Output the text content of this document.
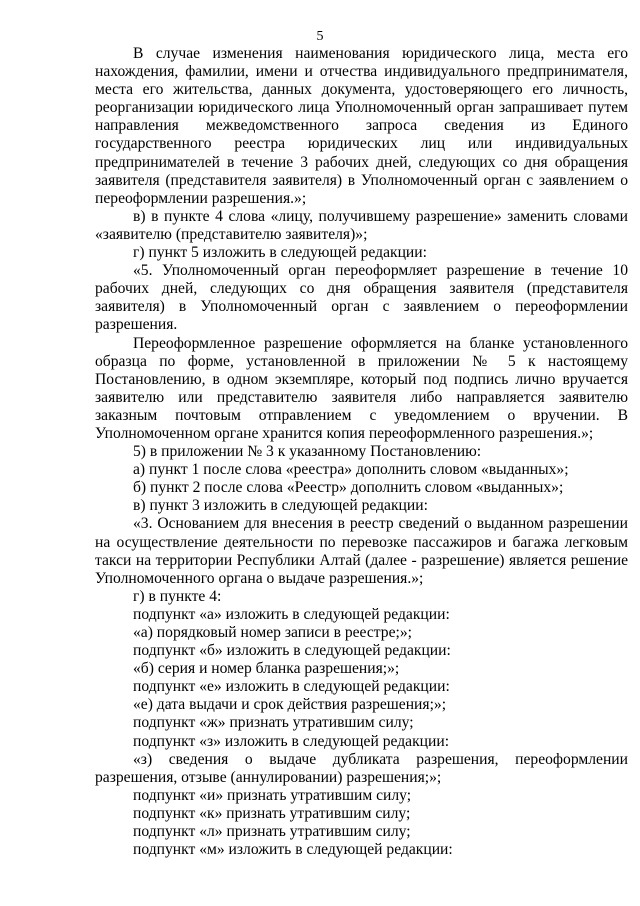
5

В случае изменения наименования юридического лица, места его нахождения, фамилии, имени и отчества индивидуального предпринимателя, места его жительства, данных документа, удостоверяющего его личность, реорганизации юридического лица Уполномоченный орган запрашивает путем направления межведомственного запроса сведения из Единого государственного реестра юридических лиц или индивидуальных предпринимателей в течение 3 рабочих дней, следующих со дня обращения заявителя (представителя заявителя) в Уполномоченный орган с заявлением о переоформлении разрешения.»;

в) в пункте 4 слова «лицу, получившему разрешение» заменить словами «заявителю (представителю заявителя)»;

г) пункт 5 изложить в следующей редакции:

«5. Уполномоченный орган переоформляет разрешение в течение 10 рабочих дней, следующих со дня обращения заявителя (представителя заявителя) в Уполномоченный орган с заявлением о переоформлении разрешения.

Переоформленное разрешение оформляется на бланке установленного образца по форме, установленной в приложении № 5 к настоящему Постановлению, в одном экземпляре, который под подпись лично вручается заявителю или представителю заявителя либо направляется заявителю заказным почтовым отправлением с уведомлением о вручении. В Уполномоченном органе хранится копия переоформленного разрешения.»;

5) в приложении № 3 к указанному Постановлению:

а) пункт 1 после слова «реестра» дополнить словом «выданных»;

б) пункт 2 после слова «Реестр» дополнить словом «выданных»;

в) пункт 3 изложить в следующей редакции:

«3. Основанием для внесения в реестр сведений о выданном разрешении на осуществление деятельности по перевозке пассажиров и багажа легковым такси на территории Республики Алтай (далее - разрешение) является решение Уполномоченного органа о выдаче разрешения.»;

г) в пункте 4:

подпункт «а» изложить в следующей редакции:

«а) порядковый номер записи в реестре;»;

подпункт «б» изложить в следующей редакции:

«б) серия и номер бланка разрешения;»;

подпункт «е» изложить в следующей редакции:

«е) дата выдачи и срок действия разрешения;»;

подпункт «ж» признать утратившим силу;

подпункт «з» изложить в следующей редакции:

«з) сведения о выдаче дубликата разрешения, переоформлении разрешения, отзыве (аннулировании) разрешения;»;

подпункт «и» признать утратившим силу;

подпункт «к» признать утратившим силу;

подпункт «л» признать утратившим силу;

подпункт «м» изложить в следующей редакции:
